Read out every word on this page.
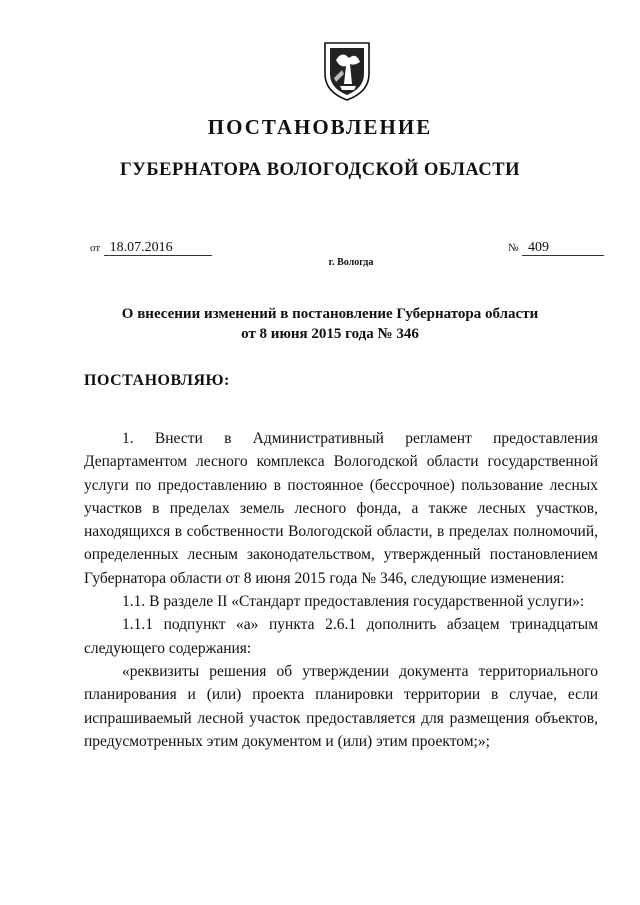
ПОСТАНОВЛЕНИЕ
ГУБЕРНАТОРА ВОЛОГОДСКОЙ ОБЛАСТИ
от 18.07.2016	№ 409
г. Вологда
О внесении изменений в постановление Губернатора области
от 8 июня 2015 года № 346
ПОСТАНОВЛЯЮ:

1. Внести в Административный регламент предоставления Департаментом лесного комплекса Вологодской области государственной услуги по предоставлению в постоянное (бессрочное) пользование лесных участков в пределах земель лесного фонда, а также лесных участков, находящихся в собственности Вологодской области, в пределах полномочий, определенных лесным законодательством, утвержденный постановлением Губернатора области от 8 июня 2015 года № 346, следующие изменения:

1.1. В разделе II «Стандарт предоставления государственной услуги»:

1.1.1 подпункт «а» пункта 2.6.1 дополнить абзацем тринадцатым следующего содержания:

«реквизиты решения об утверждении документа территориального планирования и (или) проекта планировки территории в случае, если испрашиваемый лесной участок предоставляется для размещения объектов, предусмотренных этим документом и (или) этим проектом;»;
